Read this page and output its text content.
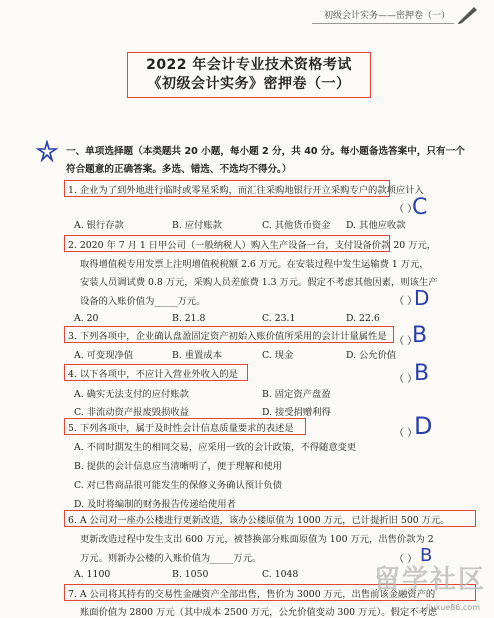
初级会计实务——密押卷（一）
2022 年会计专业技术资格考试
《初级会计实务》密押卷（一）
一、单项选择题（本类题共 20 小题，每小题 2 分，共 40 分。每小题备选答案中，只有一个
符合题意的正确答案。多选、错选、不选均不得分。）
1. 企业为了到外地进行临时或零星采购，而汇往采购地银行开立采购专户的款项应计入
（ ）
C
A. 银行存款	B. 应付账款	C. 其他货币资金 D. 其他应收款
2. 2020 年 7 月 1 日甲公司（一般纳税人）购入生产设备一台，支付设备价款 20 万元，
取得增值税专用发票上注明增值税税额 2.6 万元。在安装过程中发生运输费 1 万元，
安装人员调试费 0.8 万元，采购人员差旅费 1.3 万元。假定不考虑其他因素，则该生产
设备的入账价值为_____万元。	（ ）
D
A. 20	B. 21.8	C. 23.1	D. 22.6
3. 下列各项中，企业确认盘盈固定资产初始入账价值所采用的会计计量属性是 （ ）
B
A. 可变现净值	B. 重置成本	C. 现金	D. 公允价值
4. 以下各项中，不应计入营业外收入的是	（ ）
B
A. 确实无法支付的应付账款	B. 固定资产盘盈
C. 非流动资产报废毁损收益	D. 接受捐赠利得
5. 下列各项中，属于及时性会计信息质量要求的表述是	（ ）
D
A. 不同时期发生的相同交易，应采用一致的会计政策，不得随意变更
B. 提供的会计信息应当清晰明了，便于理解和使用
C. 对已售商品很可能发生的保修义务确认预计负债
D. 及时将编制的财务报告传递给使用者
6. A 公司对一座办公楼进行更新改造，该办公楼原值为 1000 万元，已计提折旧 500 万元。
更新改造过程中发生支出 600 万元，被替换部分账面原值为 100 万元，出售价款为 2
万元。则新办公楼的入账价值为_____万元。	（ ） B
A. 1100	B. 1050	C. 1048
7. A 公司将其持有的交易性金融资产全部出售，售价为 3000 万元，出售前该金融资产的
账面价值为 2800 万元（其中成本 2500 万元，公允价值变动 300 万元）。假定不考虑
留学社区
liuxue86.com
